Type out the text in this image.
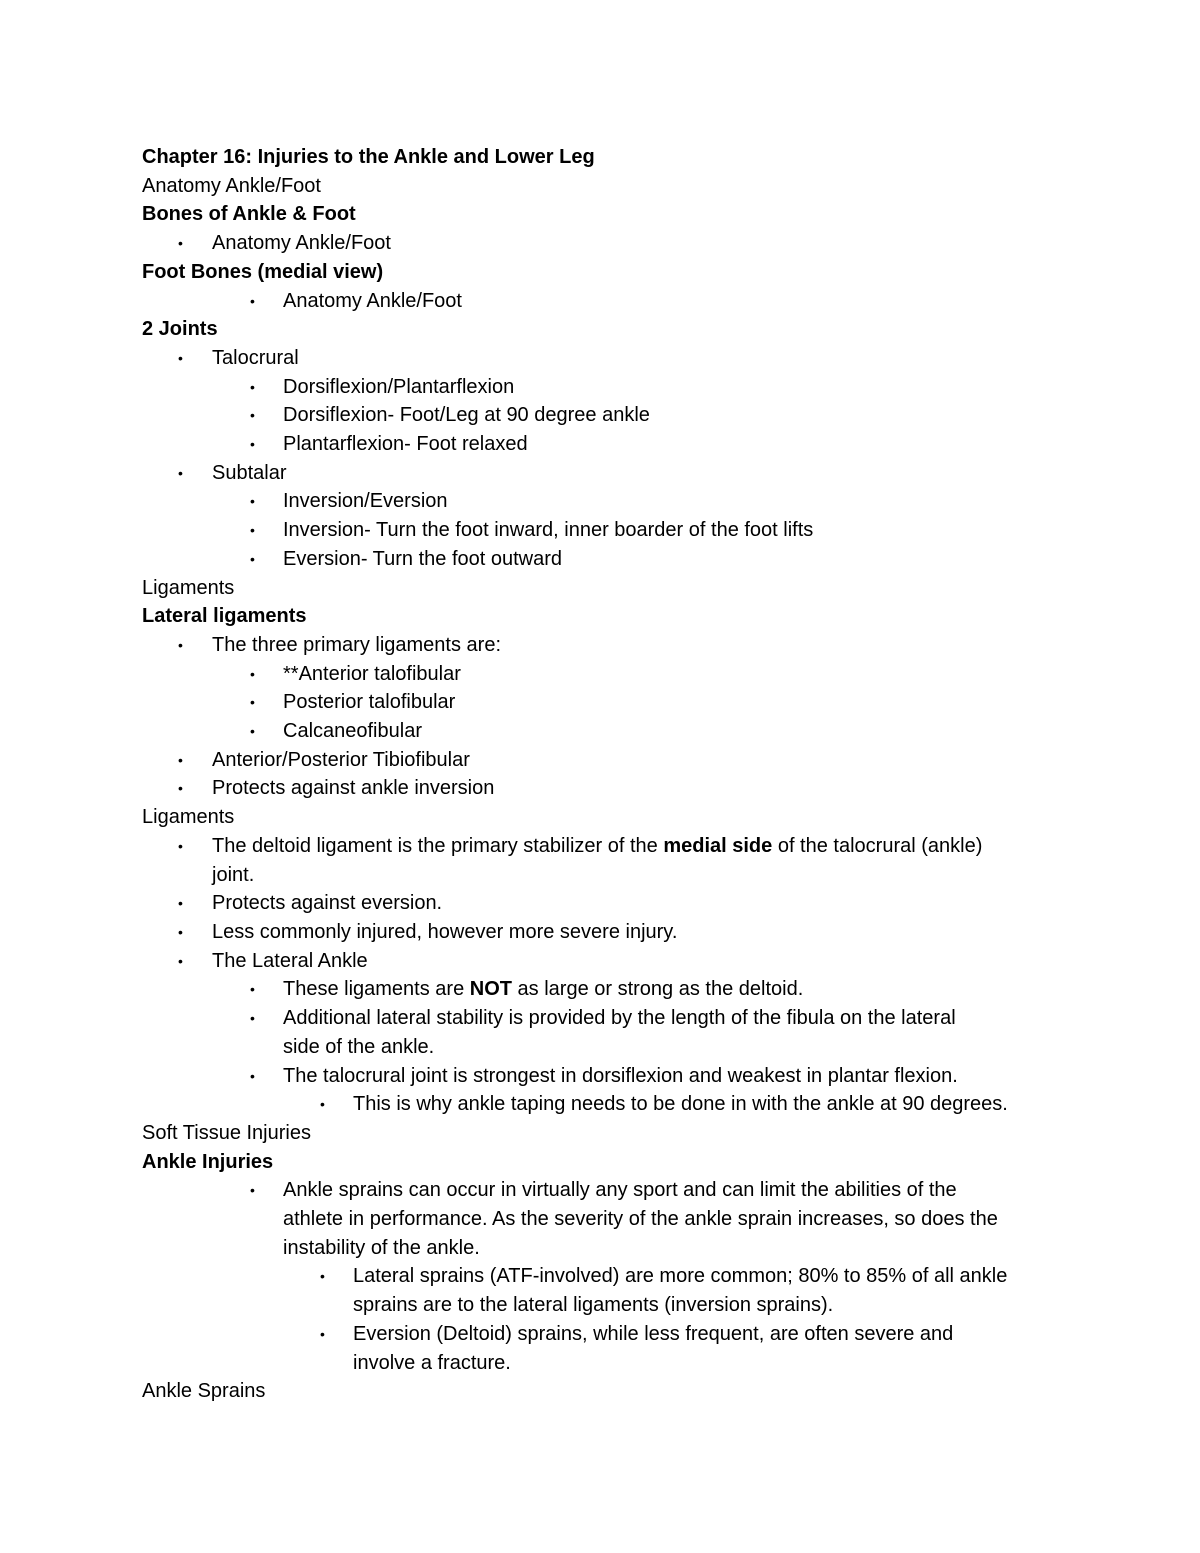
Chapter 16: Injuries to the Ankle and Lower Leg
Anatomy Ankle/Foot
Bones of Ankle & Foot
• Anatomy Ankle/Foot
Foot Bones (medial view)
• Anatomy Ankle/Foot
2 Joints
• Talocrural
• Dorsiflexion/Plantarflexion
• Dorsiflexion- Foot/Leg at 90 degree ankle
• Plantarflexion- Foot relaxed
• Subtalar
• Inversion/Eversion
• Inversion- Turn the foot inward, inner boarder of the foot lifts
• Eversion- Turn the foot outward
Ligaments
Lateral ligaments
• The three primary ligaments are:
• **Anterior talofibular
• Posterior talofibular
• Calcaneofibular
• Anterior/Posterior Tibiofibular
• Protects against ankle inversion
Ligaments
• The deltoid ligament is the primary stabilizer of the medial side of the talocrural (ankle)
joint.
• Protects against eversion.
• Less commonly injured, however more severe injury.
• The Lateral Ankle
• These ligaments are NOT as large or strong as the deltoid.
• Additional lateral stability is provided by the length of the fibula on the lateral
side of the ankle.
• The talocrural joint is strongest in dorsiflexion and weakest in plantar flexion.
• This is why ankle taping needs to be done in with the ankle at 90 degrees.
Soft Tissue Injuries
Ankle Injuries
• Ankle sprains can occur in virtually any sport and can limit the abilities of the
athlete in performance. As the severity of the ankle sprain increases, so does the
instability of the ankle.
• Lateral sprains (ATF-involved) are more common; 80% to 85% of all ankle
sprains are to the lateral ligaments (inversion sprains).
• Eversion (Deltoid) sprains, while less frequent, are often severe and
involve a fracture.
Ankle Sprains
